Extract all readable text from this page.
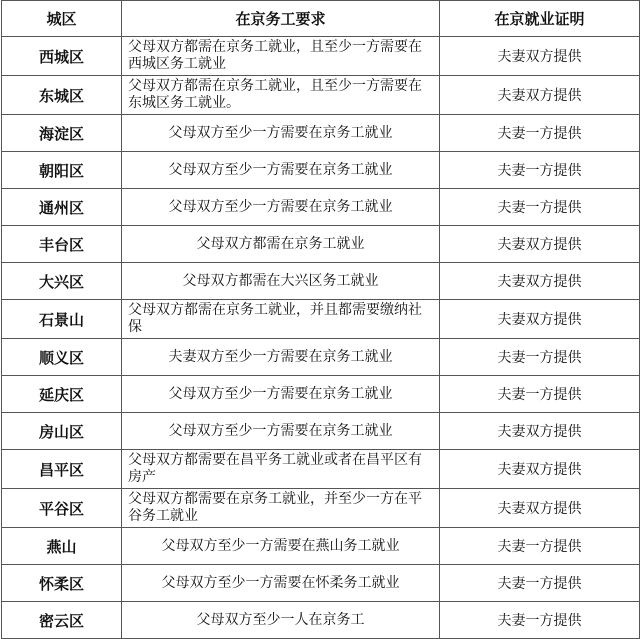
城区	在京务工要求	在京就业证明
西城区	父母双方都需在京务工就业，且至少一方需要在西城区务工就业	夫妻双方提供
东城区	父母双方都需在京务工就业，且至少一方需要在东城区务工就业。	夫妻双方提供
海淀区	父母双方至少一方需要在京务工就业	夫妻一方提供
朝阳区	父母双方至少一方需要在京务工就业	夫妻一方提供
通州区	父母双方至少一方需要在京务工就业	夫妻一方提供
丰台区	父母双方都需在京务工就业	夫妻双方提供
大兴区	父母双方都需在大兴区务工就业	夫妻双方提供
石景山	父母双方都需在京务工就业，并且都需要缴纳社保	夫妻双方提供
顺义区	夫妻双方至少一方需要在京务工就业	夫妻一方提供
延庆区	父母双方至少一方需要在京务工就业	夫妻一方提供
房山区	父母双方至少一方需要在京务工就业	夫妻双方提供
昌平区	父母双方都需要在昌平务工就业或者在昌平区有房产	夫妻双方提供
平谷区	父母双方都需要在京务工就业，并至少一方在平谷务工就业	夫妻双方提供
燕山	父母双方至少一方需要在燕山务工就业	夫妻一方提供
怀柔区	父母双方至少一方需要在怀柔务工就业	夫妻一方提供
密云区	父母双方至少一人在京务工	夫妻一方提供
